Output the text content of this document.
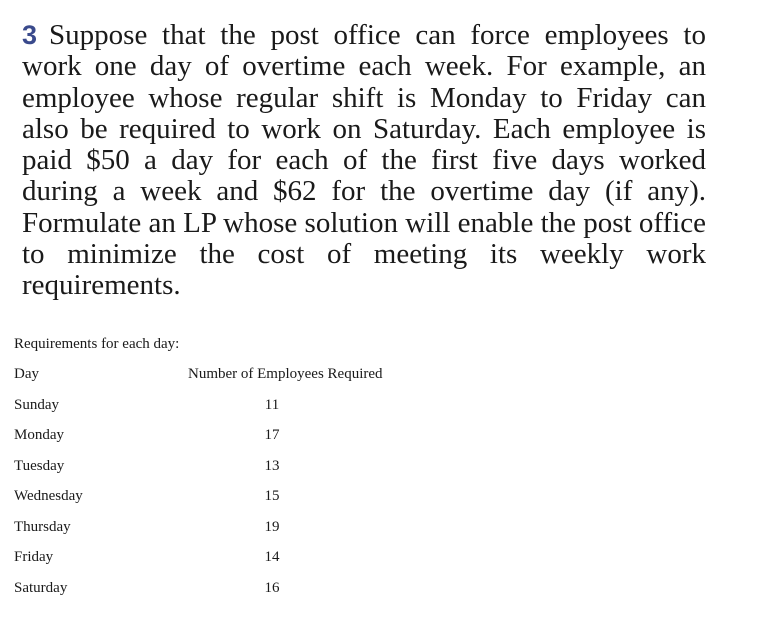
3 Suppose that the post office can force employees to work one day of overtime each week. For example, an employee whose regular shift is Monday to Friday can also be required to work on Saturday. Each employee is paid $50 a day for each of the first five days worked during a week and $62 for the overtime day (if any). Formulate an LP whose solution will enable the post office to minimize the cost of meeting its weekly work requirements.

Requirements for each day:

Day	Number of Employees Required
Sunday	11
Monday	17
Tuesday	13
Wednesday	15
Thursday	19
Friday	14
Saturday	16
